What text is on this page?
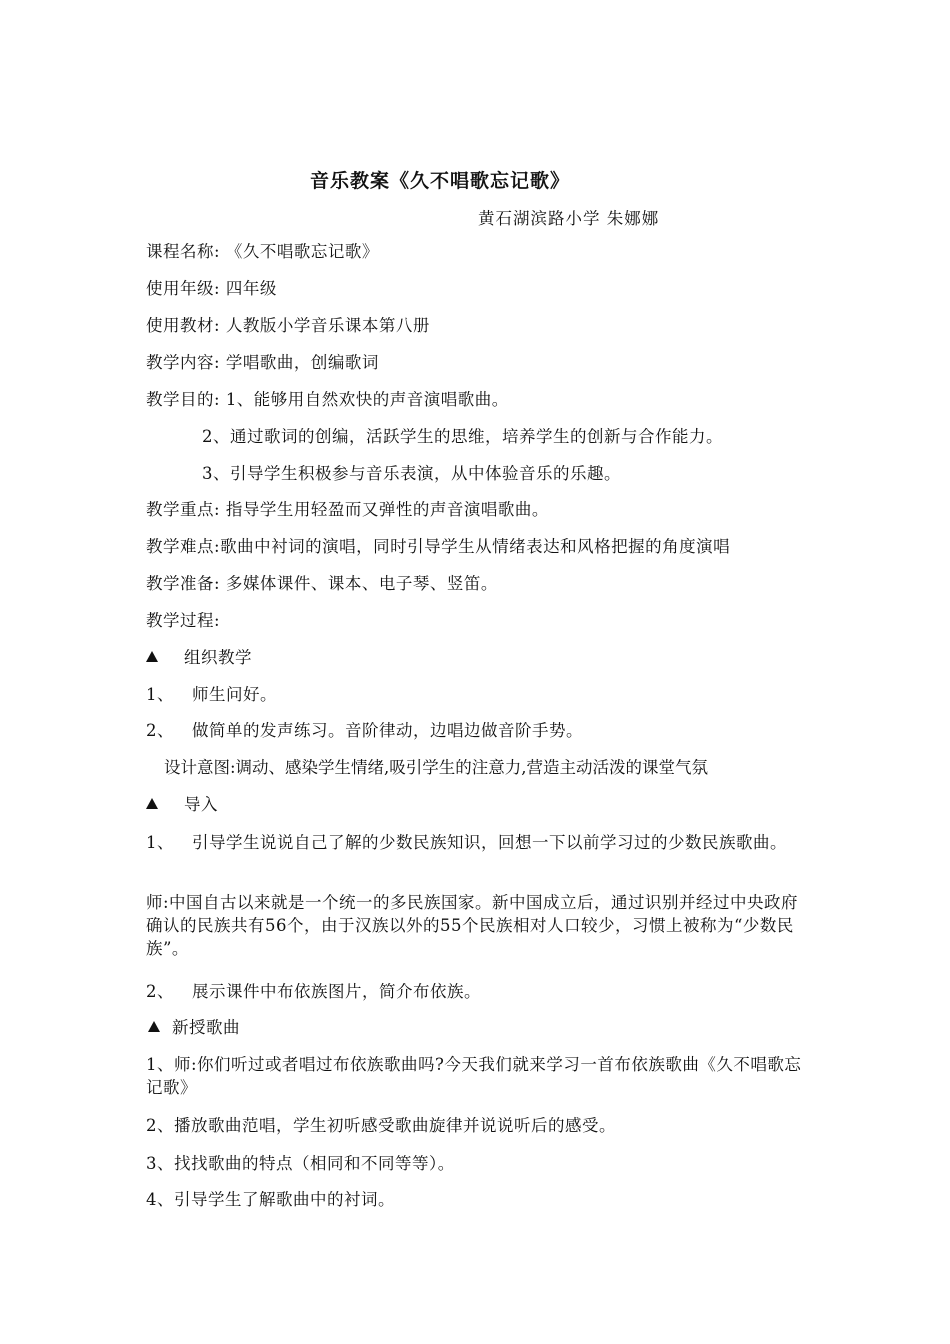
音乐教案《久不唱歌忘记歌》
黄石湖滨路小学 朱娜娜
课程名称: 《久不唱歌忘记歌》
使用年级: 四年级
使用教材: 人教版小学音乐课本第八册
教学内容: 学唱歌曲，创编歌词
教学目的: 1、能够用自然欢快的声音演唱歌曲。
2、通过歌词的创编，活跃学生的思维，培养学生的创新与合作能力。
3、引导学生积极参与音乐表演，从中体验音乐的乐趣。
教学重点: 指导学生用轻盈而又弹性的声音演唱歌曲。
教学难点:歌曲中衬词的演唱，同时引导学生从情绪表达和风格把握的角度演唱
教学准备: 多媒体课件、课本、电子琴、竖笛。
教学过程:
组织教学
1、 师生问好。
2、 做简单的发声练习。音阶律动，边唱边做音阶手势。
设计意图:调动、感染学生情绪,吸引学生的注意力,营造主动活泼的课堂气氛
导入
1、 引导学生说说自己了解的少数民族知识，回想一下以前学习过的少数民族歌曲。
师:中国自古以来就是一个统一的多民族国家。新中国成立后，通过识别并经过中央政府确认的民族共有56个，由于汉族以外的55个民族相对人口较少，习惯上被称为“少数民族”。
2、 展示课件中布依族图片，简介布依族。
新授歌曲
1、师:你们听过或者唱过布依族歌曲吗?今天我们就来学习一首布依族歌曲《久不唱歌忘记歌》
2、播放歌曲范唱，学生初听感受歌曲旋律并说说听后的感受。
3、找找歌曲的特点（相同和不同等等）。
4、引导学生了解歌曲中的衬词。
